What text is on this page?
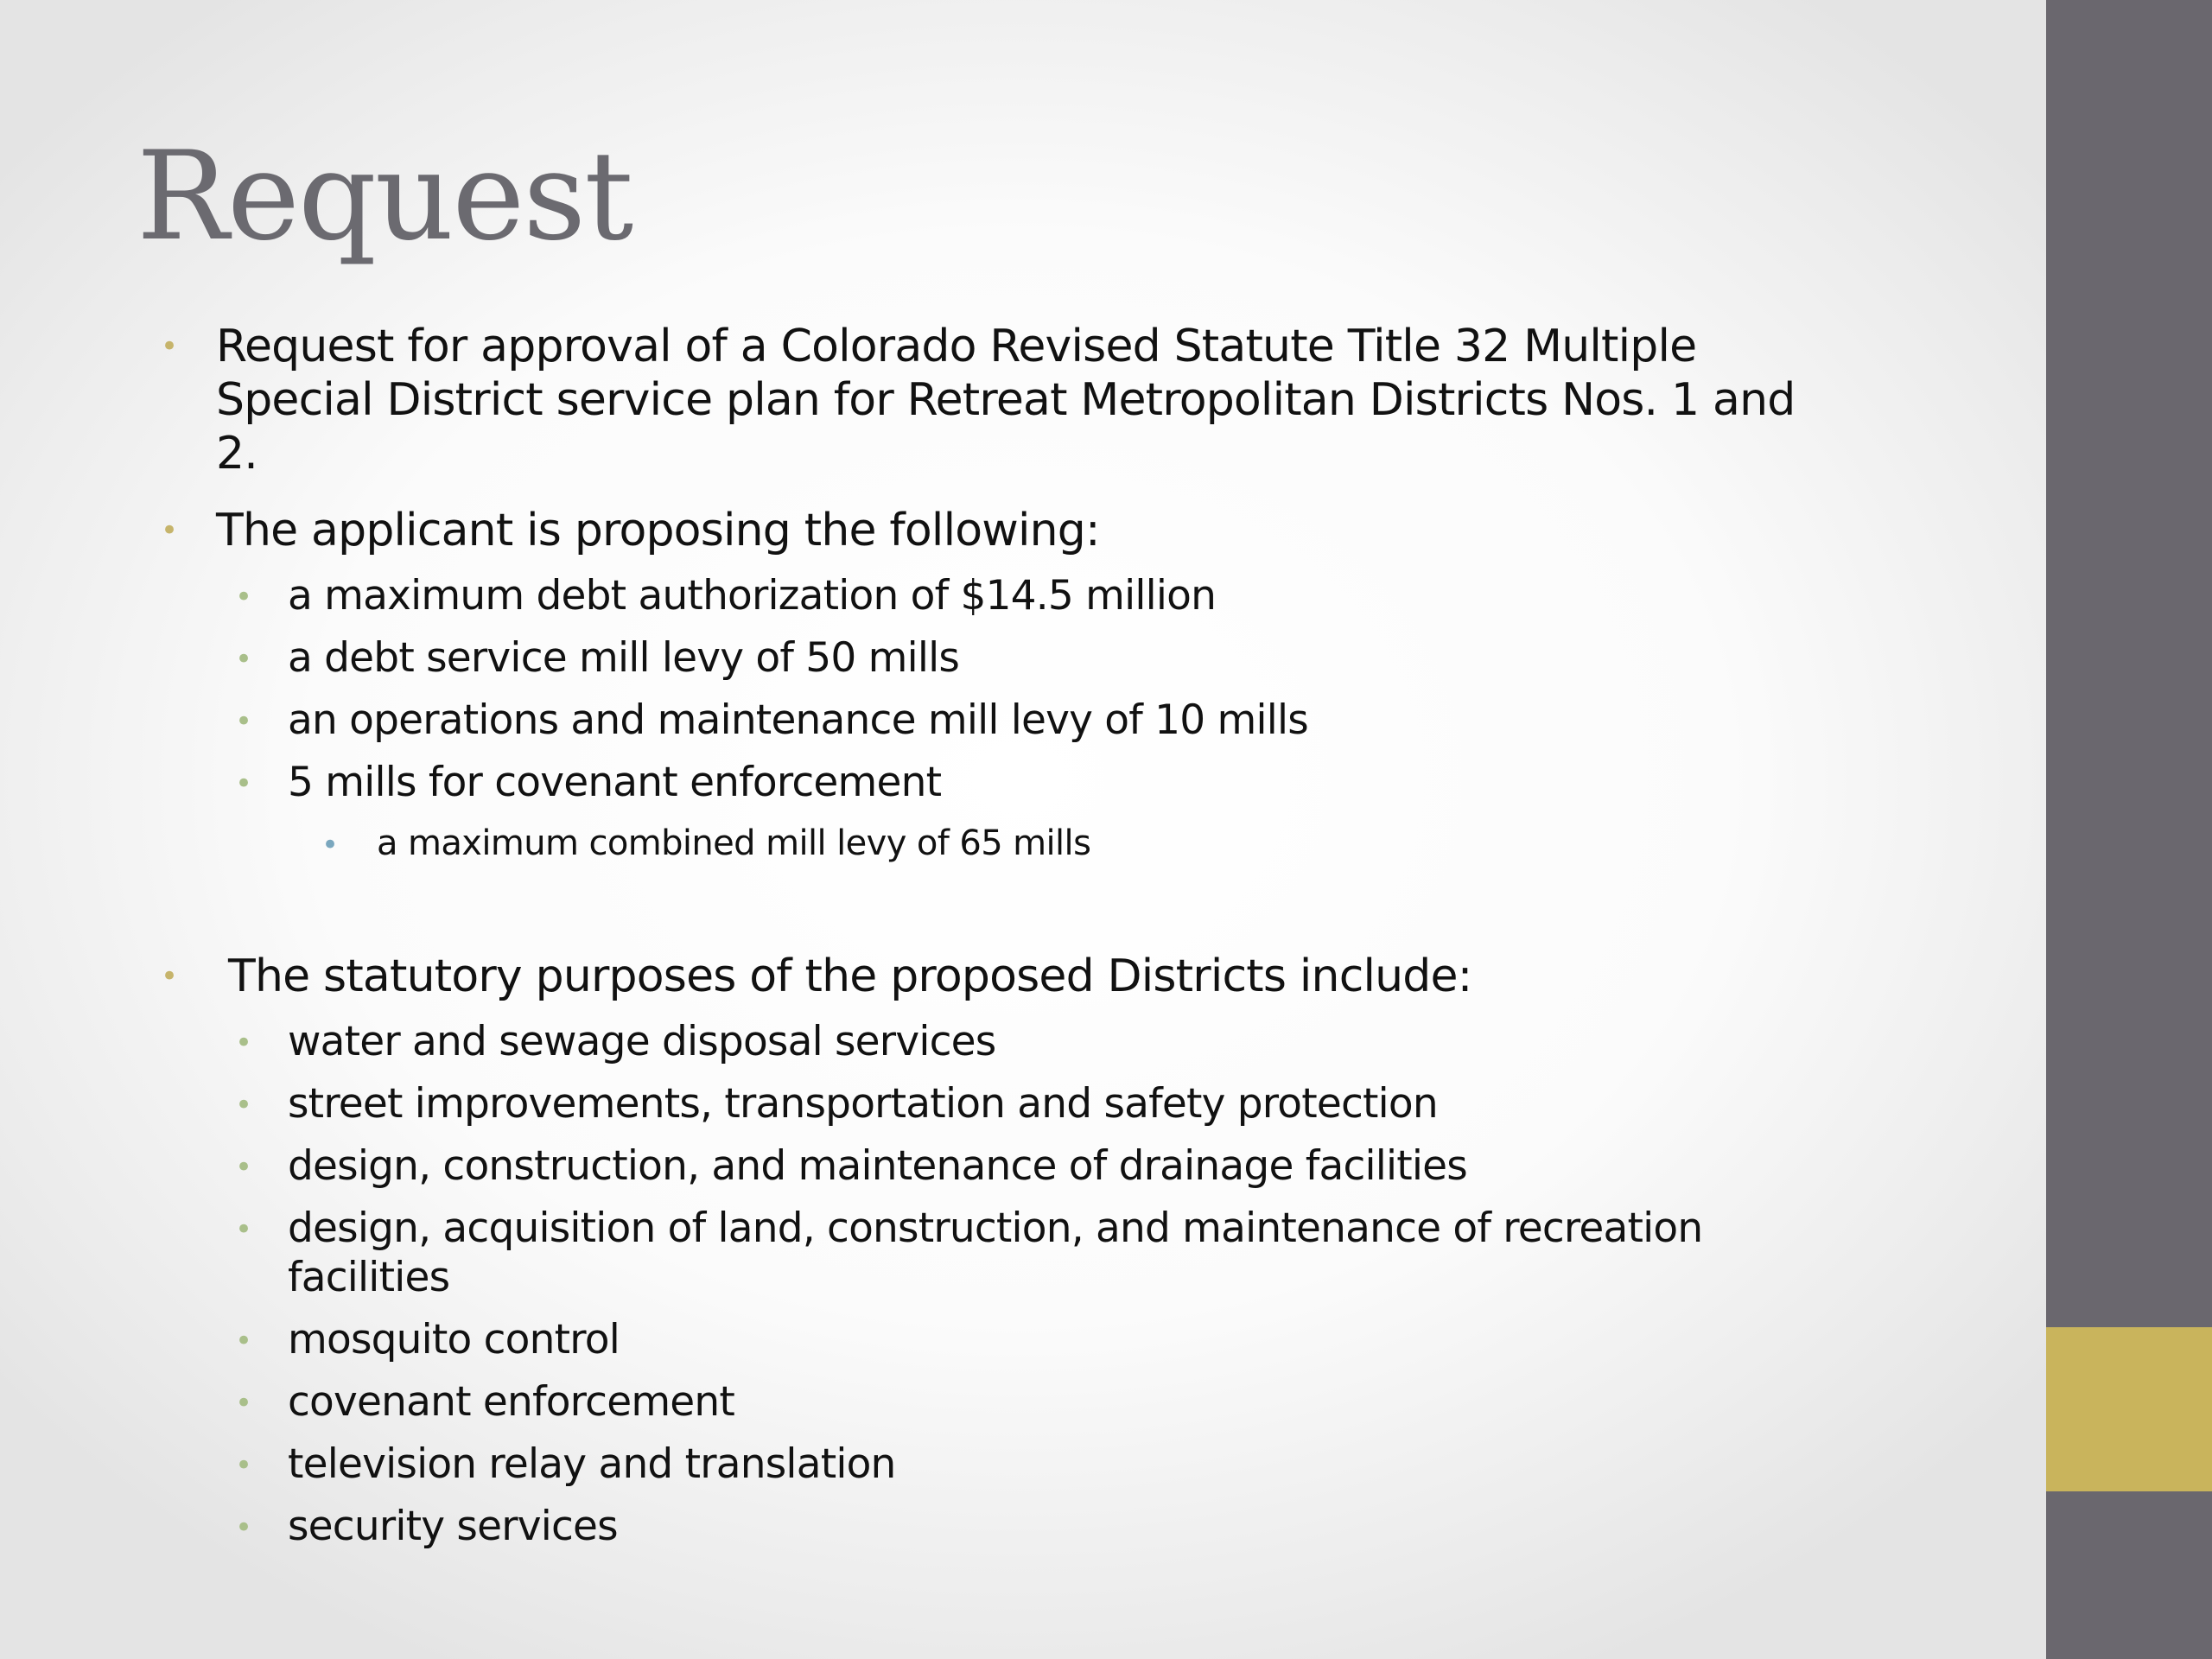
Request
• Request for approval of a Colorado Revised Statute Title 32 Multiple
Special District service plan for Retreat Metropolitan Districts Nos. 1 and
2.
• The applicant is proposing the following:
• a maximum debt authorization of $14.5 million
• a debt service mill levy of 50 mills
• an operations and maintenance mill levy of 10 mills
• 5 mills for covenant enforcement
• a maximum combined mill levy of 65 mills
• The statutory purposes of the proposed Districts include:
• water and sewage disposal services
• street improvements, transportation and safety protection
• design, construction, and maintenance of drainage facilities
• design, acquisition of land, construction, and maintenance of recreation
facilities
• mosquito control
• covenant enforcement
• television relay and translation
• security services
